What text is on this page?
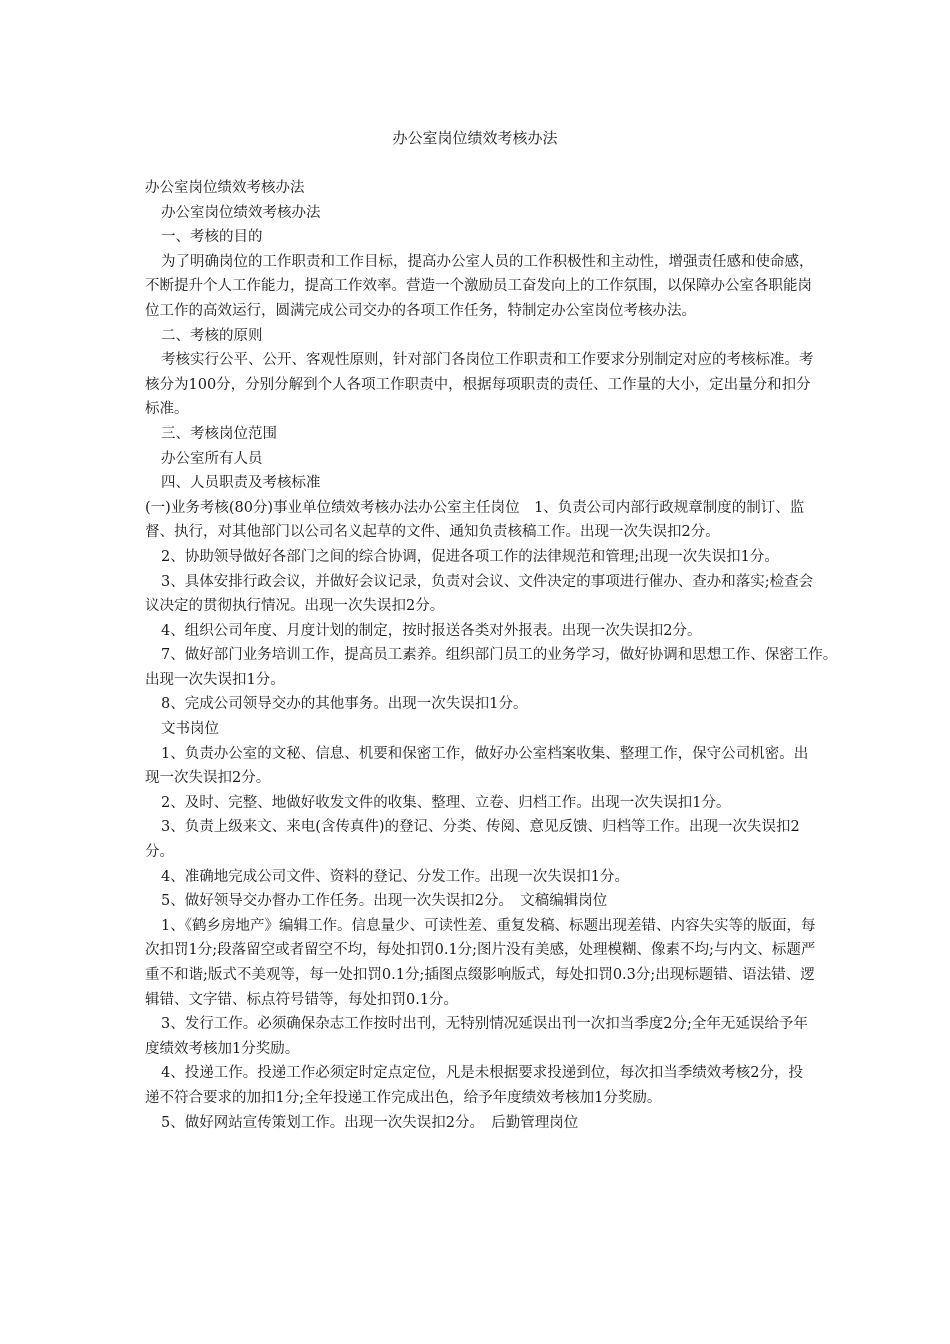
办公室岗位绩效考核办法

办公室岗位绩效考核办法

办公室岗位绩效考核办法

一、考核的目的

为了明确岗位的工作职责和工作目标，提高办公室人员的工作积极性和主动性，增强责任感和使命感，不断提升个人工作能力，提高工作效率。营造一个激励员工奋发向上的工作氛围，以保障办公室各职能岗位工作的高效运行，圆满完成公司交办的各项工作任务，特制定办公室岗位考核办法。

二、考核的原则

考核实行公平、公开、客观性原则，针对部门各岗位工作职责和工作要求分别制定对应的考核标准。考核分为100分，分别分解到个人各项工作职责中，根据每项职责的责任、工作量的大小，定出量分和扣分标准。

三、考核岗位范围

办公室所有人员

四、人员职责及考核标准

(一)业务考核(80分)事业单位绩效考核办法办公室主任岗位　1、负责公司内部行政规章制度的制订、监督、执行，对其他部门以公司名义起草的文件、通知负责核稿工作。出现一次失误扣2分。

2、协助领导做好各部门之间的综合协调，促进各项工作的法律规范和管理;出现一次失误扣1分。

3、具体安排行政会议，并做好会议记录，负责对会议、文件决定的事项进行催办、查办和落实;检查会议决定的贯彻执行情况。出现一次失误扣2分。

4、组织公司年度、月度计划的制定，按时报送各类对外报表。出现一次失误扣2分。

7、做好部门业务培训工作，提高员工素养。组织部门员工的业务学习，做好协调和思想工作、保密工作。出现一次失误扣1分。

8、完成公司领导交办的其他事务。出现一次失误扣1分。

文书岗位

1、负责办公室的文秘、信息、机要和保密工作，做好办公室档案收集、整理工作，保守公司机密。出现一次失误扣2分。

2、及时、完整、地做好收发文件的收集、整理、立卷、归档工作。出现一次失误扣1分。

3、负责上级来文、来电(含传真件)的登记、分类、传阅、意见反馈、归档等工作。出现一次失误扣2分。

4、准确地完成公司文件、资料的登记、分发工作。出现一次失误扣1分。

5、做好领导交办督办工作任务。出现一次失误扣2分。　文稿编辑岗位

1、《鹤乡房地产》编辑工作。信息量少、可读性差、重复发稿、标题出现差错、内容失实等的版面，每次扣罚1分;段落留空或者留空不均，每处扣罚0.1分;图片没有美感，处理模糊、像素不均;与内文、标题严重不和谐;版式不美观等，每一处扣罚0.1分;插图点缀影响版式，每处扣罚0.3分;出现标题错、语法错、逻辑错、文字错、标点符号错等，每处扣罚0.1分。

3、发行工作。必须确保杂志工作按时出刊，无特别情况延误出刊一次扣当季度2分;全年无延误给予年度绩效考核加1分奖励。

4、投递工作。投递工作必须定时定点定位，凡是未根据要求投递到位，每次扣当季绩效考核2分，投递不符合要求的加扣1分;全年投递工作完成出色，给予年度绩效考核加1分奖励。

5、做好网站宣传策划工作。出现一次失误扣2分。　后勤管理岗位
